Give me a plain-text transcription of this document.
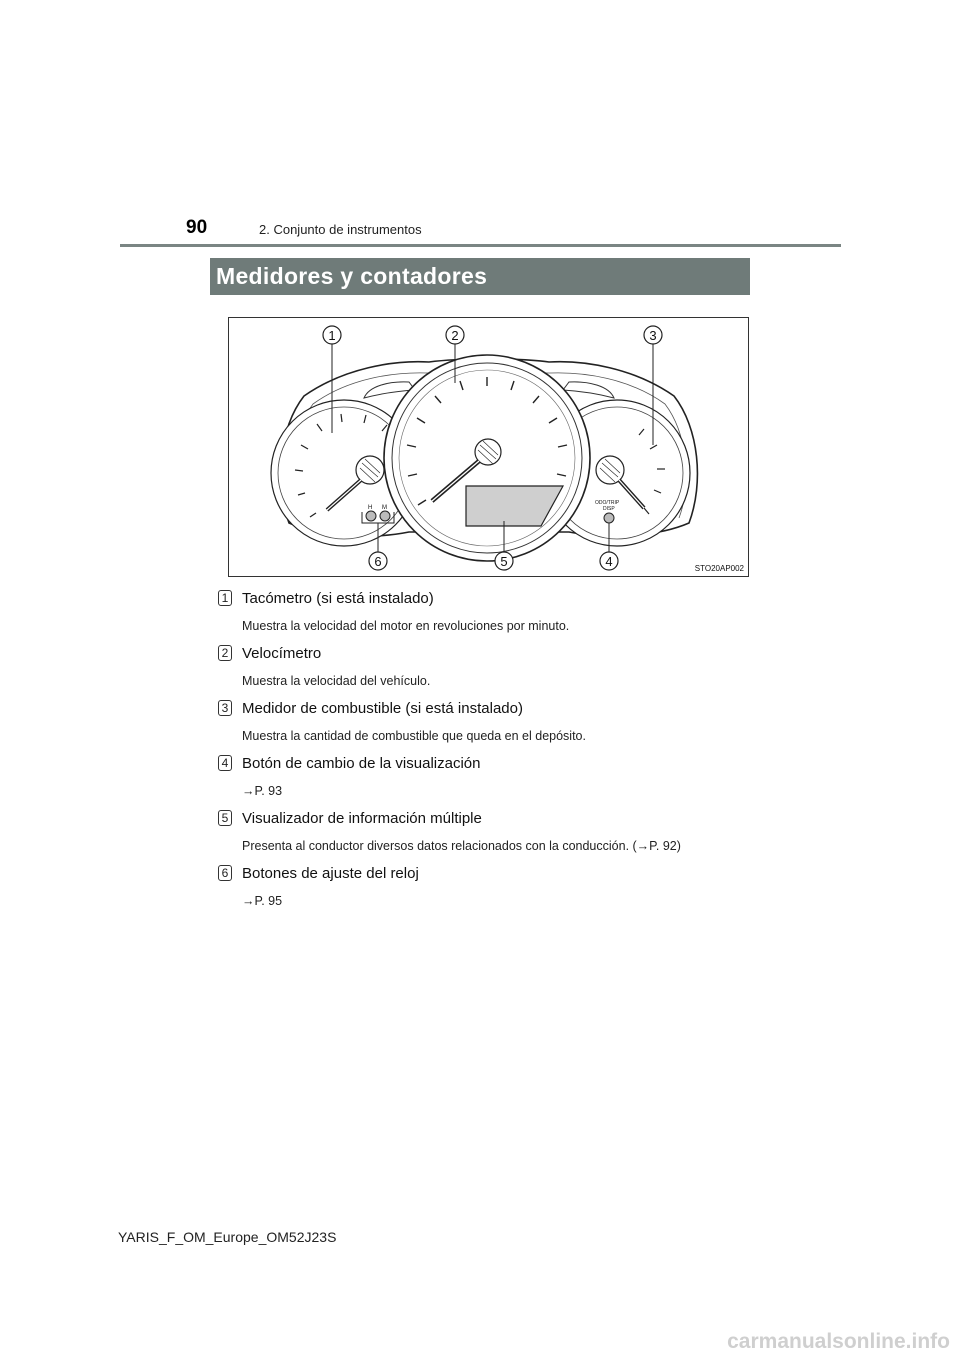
90	2. Conjunto de instrumentos
Medidores y contadores
H M
ODO/TRIP
DISP
1	2	3
6	5	4	STO20AP002
1 Tacómetro (si está instalado)
Muestra la velocidad del motor en revoluciones por minuto.
2 Velocímetro
Muestra la velocidad del vehículo.
3 Medidor de combustible (si está instalado)
Muestra la cantidad de combustible que queda en el depósito.
4 Botón de cambio de la visualización
→P. 93
5 Visualizador de información múltiple
Presenta al conductor diversos datos relacionados con la conducción. (→P. 92)
6 Botones de ajuste del reloj
→P. 95
YARIS_F_OM_Europe_OM52J23S
carmanualsonline.info
